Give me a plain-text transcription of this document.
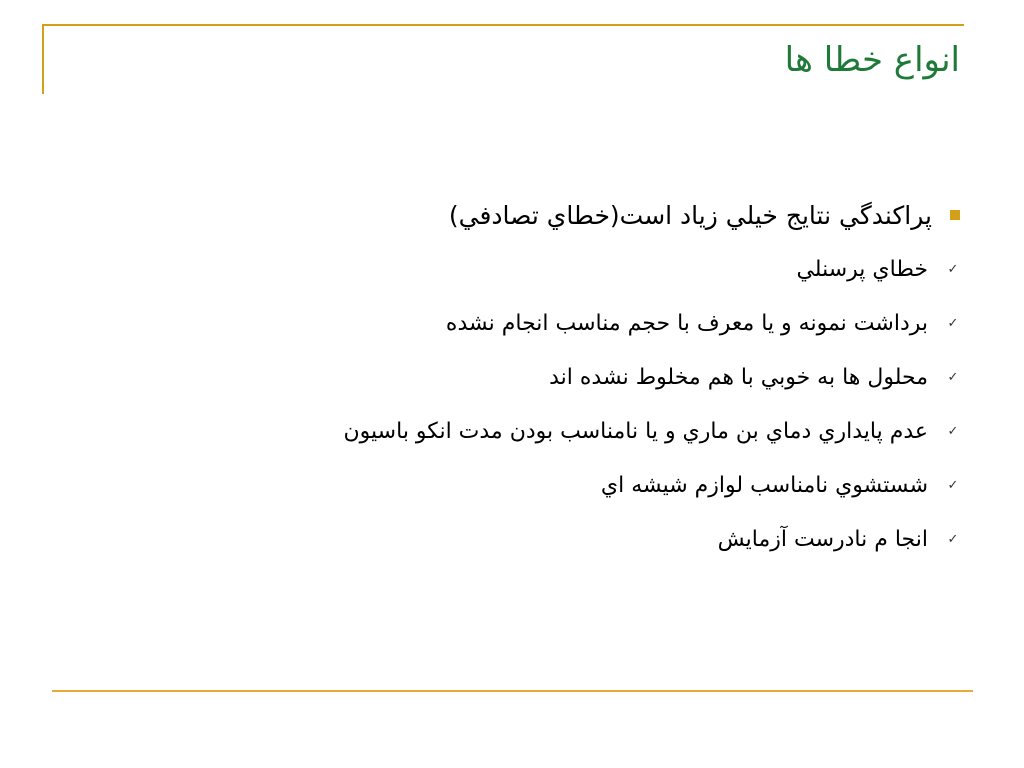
انواع خطا ها
پراكندگي نتايج خيلي زياد است(خطاي تصادفي)
✓
خطاي پرسنلي
✓
برداشت نمونه و يا معرف با حجم مناسب انجام نشده
✓
محلول ها به خوبي با هم مخلوط نشده اند
✓
عدم پايداري دماي بن ماري و يا نامناسب بودن مدت انكو باسيون
✓
شستشوي نامناسب لوازم شيشه اي
✓
انجا م نادرست آزمايش
